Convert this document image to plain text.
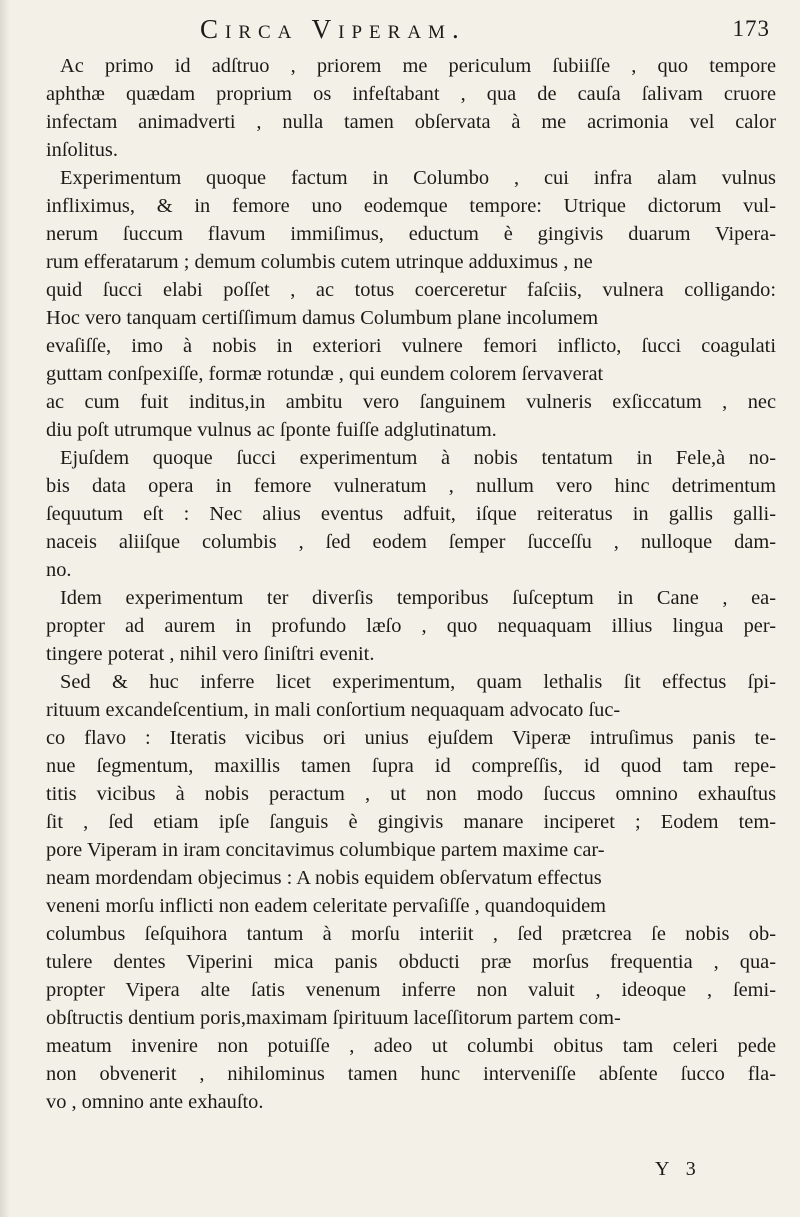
Circa Viperam.	173
Ac primo id adſtruo , priorem me periculum ſubiiſſe , quo tempore
aphthæ quædam proprium os infeſtabant , qua de cauſa ſalivam cruore
infectam animadverti , nulla tamen obſervata à me acrimonia vel calor
inſolitus.
Experimentum quoque factum in Columbo , cui infra alam vulnus
infliximus, & in femore uno eodemque tempore: Utrique dictorum vul-
nerum ſuccum flavum immiſimus, eductum è gingivis duarum Vipera-
rum efferatarum ; demum columbis cutem utrinque adduximus , ne
quid ſucci elabi poſſet , ac totus coerceretur faſciis, vulnera colligando:
Hoc vero tanquam certiſſimum damus Columbum plane incolumem
evaſiſſe, imo à nobis in exteriori vulnere femori inflicto, ſucci coagulati
guttam conſpexiſſe, formæ rotundæ , qui eundem colorem ſervaverat
ac cum fuit inditus,in ambitu vero ſanguinem vulneris exſiccatum , nec
diu poſt utrumque vulnus ac ſponte fuiſſe adglutinatum.
Ejuſdem quoque ſucci experimentum à nobis tentatum in Fele,à no-
bis data opera in femore vulneratum , nullum vero hinc detrimentum
ſequutum eſt : Nec alius eventus adfuit, iſque reiteratus in gallis galli-
naceis aliiſque columbis , ſed eodem ſemper ſucceſſu , nulloque dam-
no.
Idem experimentum ter diverſis temporibus ſuſceptum in Cane , ea-
propter ad aurem in profundo læſo , quo nequaquam illius lingua per-
tingere poterat , nihil vero ſiniſtri evenit.
Sed & huc inferre licet experimentum, quam lethalis ſit effectus ſpi-
rituum excandeſcentium, in mali conſortium nequaquam advocato ſuc-
co flavo : Iteratis vicibus ori unius ejuſdem Viperæ intruſimus panis te-
nue ſegmentum, maxillis tamen ſupra id compreſſis, id quod tam repe-
titis vicibus à nobis peractum , ut non modo ſuccus omnino exhauſtus
ſit , ſed etiam ipſe ſanguis è gingivis manare inciperet ; Eodem tem-
pore Viperam in iram concitavimus columbique partem maxime car-
neam mordendam objecimus : A nobis equidem obſervatum effectus
veneni morſu inflicti non eadem celeritate pervaſiſſe , quandoquidem
columbus ſeſquihora tantum à morſu interiit , ſed prætcrea ſe nobis ob-
tulere dentes Viperini mica panis obducti præ morſus frequentia , qua-
propter Vipera alte ſatis venenum inferre non valuit , ideoque , ſemi-
obſtructis dentium poris,maximam ſpirituum laceſſitorum partem com-
meatum invenire non potuiſſe , adeo ut columbi obitus tam celeri pede
non obvenerit , nihilominus tamen hunc interveniſſe abſente ſucco fla-
vo , omnino ante exhauſto.
Y 3
